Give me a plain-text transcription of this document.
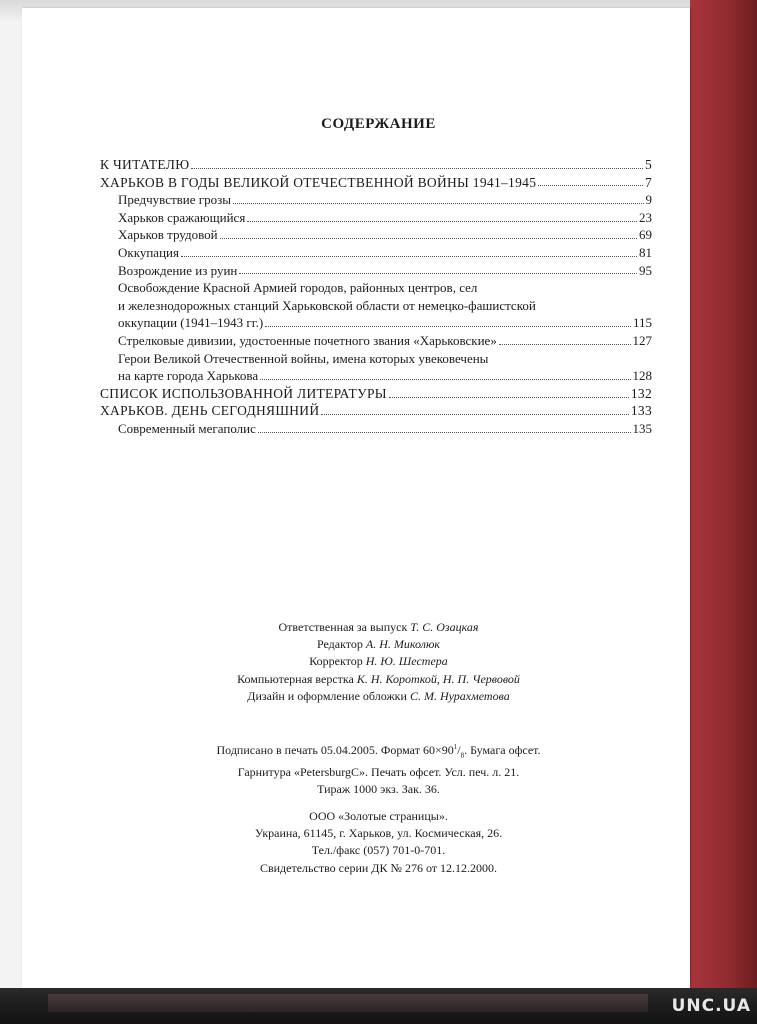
UNC.UA
СОДЕРЖАНИЕ
К ЧИТАТЕЛЮ	5
ХАРЬКОВ В ГОДЫ ВЕЛИКОЙ ОТЕЧЕСТВЕННОЙ ВОЙНЫ 1941–1945	7
Предчувствие грозы	9
Харьков сражающийся	23
Харьков трудовой	69
Оккупация	81
Возрождение из руин	95
Освобождение Красной Армией городов, районных центров, сел
и железнодорожных станций Харьковской области от немецко-фашистской
оккупации (1941–1943 гг.)	115
Стрелковые дивизии, удостоенные почетного звания «Харьковские»	127
Герои Великой Отечественной войны, имена которых увековечены
на карте города Харькова	128
СПИСОК ИСПОЛЬЗОВАННОЙ ЛИТЕРАТУРЫ	132
ХАРЬКОВ. ДЕНЬ СЕГОДНЯШНИЙ	133
Современный мегаполис	135
Ответственная за выпуск Т. С. Озацкая
Редактор А. Н. Миколюк
Корректор Н. Ю. Шестера
Компьютерная верстка К. Н. Короткой, Н. П. Червовой
Дизайн и оформление обложки С. М. Нурахметова
Подписано в печать 05.04.2005. Формат $60\times 90^1/_8$. Бумага офсет.
Гарнитура «PetersburgC». Печать офсет. Усл. печ. л. 21.
Тираж 1000 экз. Зак. 36.
ООО «Золотые страницы».
Украина, 61145, г. Харьков, ул. Космическая, 26.
Тел./факс (057) 701-0-701.
Свидетельство серии ДК № 276 от 12.12.2000.
